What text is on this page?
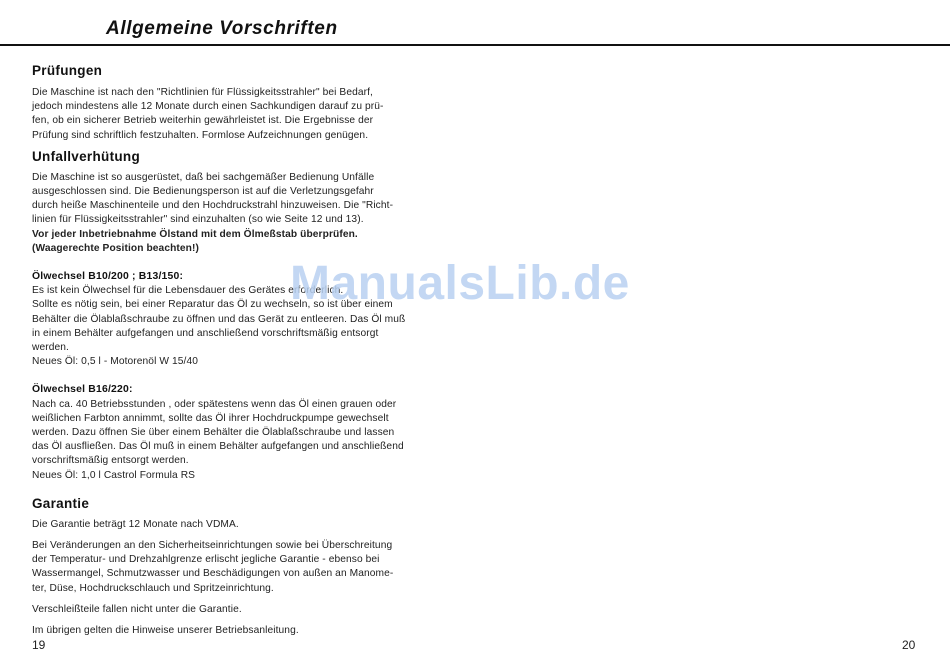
Allgemeine Vorschriften
Prüfungen

Die Maschine ist nach den "Richtlinien für Flüssigkeitsstrahler" bei Bedarf,
jedoch mindestens alle 12 Monate durch einen Sachkundigen darauf zu prü-
fen, ob ein sicherer Betrieb weiterhin gewährleistet ist. Die Ergebnisse der
Prüfung sind schriftlich festzuhalten. Formlose Aufzeichnungen genügen.

Unfallverhütung

Die Maschine ist so ausgerüstet, daß bei sachgemäßer Bedienung Unfälle
ausgeschlossen sind. Die Bedienungsperson ist auf die Verletzungsgefahr
durch heiße Maschinenteile und den Hochdruckstrahl hinzuweisen. Die "Richt-
linien für Flüssigkeitsstrahler" sind einzuhalten (so wie Seite 12 und 13).

Vor jeder Inbetriebnahme Ölstand mit dem Ölmeßstab überprüfen.
(Waagerechte Position beachten!)

Ölwechsel B10/200 ; B13/150:

Es ist kein Ölwechsel für die Lebensdauer des Gerätes erforderlich.
Sollte es nötig sein, bei einer Reparatur das Öl zu wechseln, so ist über einem
Behälter die Ölablaßschraube zu öffnen und das Gerät zu entleeren. Das Öl muß
in einem Behälter aufgefangen und anschließend vorschriftsmäßig entsorgt
werden.
Neues Öl: 0,5 l - Motorenöl W 15/40

Ölwechsel B16/220:

Nach ca. 40 Betriebsstunden , oder spätestens wenn das Öl einen grauen oder
weißlichen Farbton annimmt, sollte das Öl ihrer Hochdruckpumpe gewechselt
werden. Dazu öffnen Sie über einem Behälter die Ölablaßschraube und lassen
das Öl ausfließen. Das Öl muß in einem Behälter aufgefangen und anschließend
vorschriftsmäßig entsorgt werden.
Neues Öl: 1,0 l Castrol Formula RS

Garantie

Die Garantie beträgt 12 Monate nach VDMA.

Bei Veränderungen an den Sicherheitseinrichtungen sowie bei Überschreitung
der Temperatur- und Drehzahlgrenze erlischt jegliche Garantie - ebenso bei
Wassermangel, Schmutzwasser und Beschädigungen von außen an Manome-
ter, Düse, Hochdruckschlauch und Spritzeinrichtung.

Verschleißteile fallen nicht unter die Garantie.

Im übrigen gelten die Hinweise unserer Betriebsanleitung.

ManualsLib.de
19	20
